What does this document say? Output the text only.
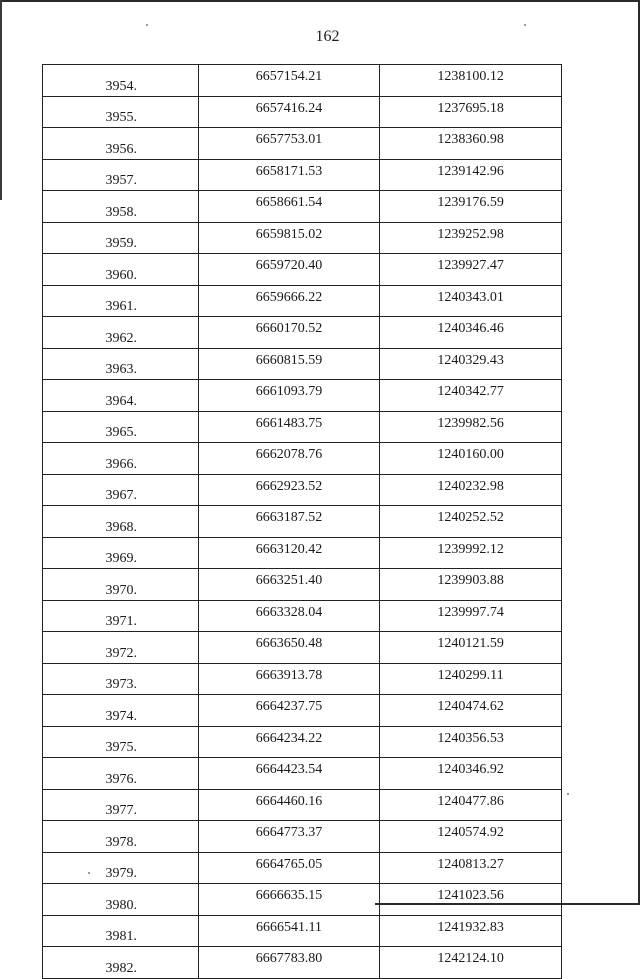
162
3954.	6657154.21	1238100.12
3955.	6657416.24	1237695.18
3956.	6657753.01	1238360.98
3957.	6658171.53	1239142.96
3958.	6658661.54	1239176.59
3959.	6659815.02	1239252.98
3960.	6659720.40	1239927.47
3961.	6659666.22	1240343.01
3962.	6660170.52	1240346.46
3963.	6660815.59	1240329.43
3964.	6661093.79	1240342.77
3965.	6661483.75	1239982.56
3966.	6662078.76	1240160.00
3967.	6662923.52	1240232.98
3968.	6663187.52	1240252.52
3969.	6663120.42	1239992.12
3970.	6663251.40	1239903.88
3971.	6663328.04	1239997.74
3972.	6663650.48	1240121.59
3973.	6663913.78	1240299.11
3974.	6664237.75	1240474.62
3975.	6664234.22	1240356.53
3976.	6664423.54	1240346.92
3977.	6664460.16	1240477.86
3978.	6664773.37	1240574.92
3979.	6664765.05	1240813.27
3980.	6666635.15	1241023.56
3981.	6666541.11	1241932.83
3982.	6667783.80	1242124.10
